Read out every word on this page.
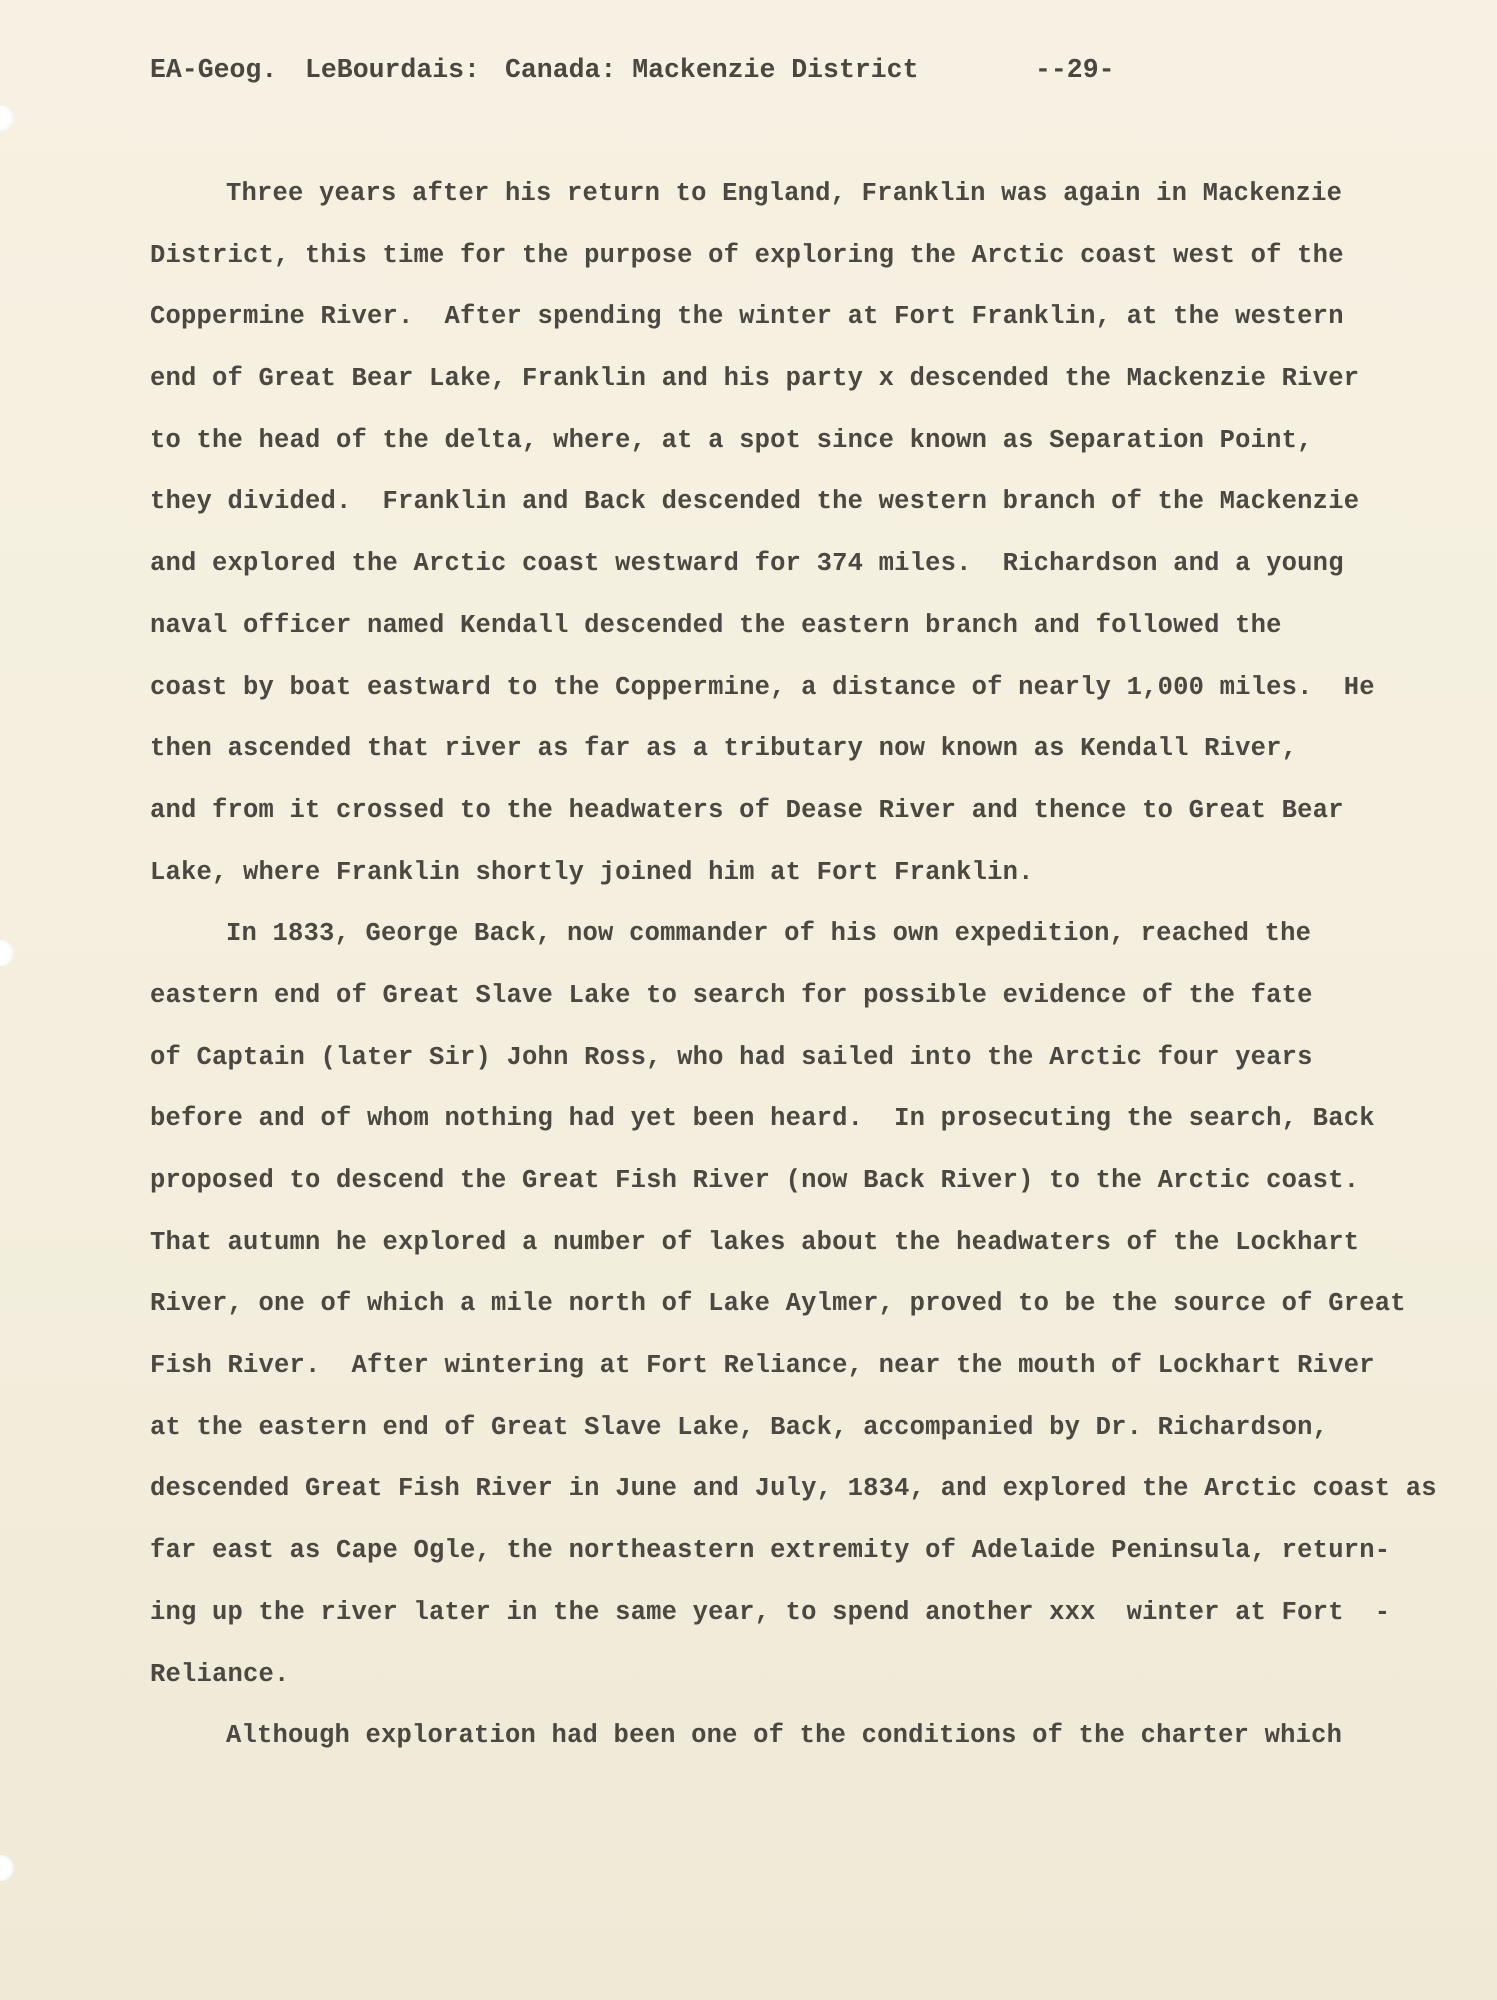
EA-Geog.

LeBourdais:

Canada: Mackenzie District

	--29-

Three years after his return to England, Franklin was again in Mackenzie
District, this time for the purpose of exploring the Arctic coast west of the
Coppermine River.  After spending the winter at Fort Franklin, at the western
end of Great Bear Lake, Franklin and his party x descended the Mackenzie River
to the head of the delta, where, at a spot since known as Separation Point,
they divided.  Franklin and Back descended the western branch of the Mackenzie
and explored the Arctic coast westward for 374 miles.  Richardson and a young
naval officer named Kendall descended the eastern branch and followed the
coast by boat eastward to the Coppermine, a distance of nearly 1,000 miles.  He
then ascended that river as far as a tributary now known as Kendall River,
and from it crossed to the headwaters of Dease River and thence to Great Bear
Lake, where Franklin shortly joined him at Fort Franklin.
In 1833, George Back, now commander of his own expedition, reached the
eastern end of Great Slave Lake to search for possible evidence of the fate
of Captain (later Sir) John Ross, who had sailed into the Arctic four years
before and of whom nothing had yet been heard.  In prosecuting the search, Back
proposed to descend the Great Fish River (now Back River) to the Arctic coast.
That autumn he explored a number of lakes about the headwaters of the Lockhart
River, one of which a mile north of Lake Aylmer, proved to be the source of Great
Fish River.  After wintering at Fort Reliance, near the mouth of Lockhart River
at the eastern end of Great Slave Lake, Back, accompanied by Dr. Richardson,
descended Great Fish River in June and July, 1834, and explored the Arctic coast as
far east as Cape Ogle, the northeastern extremity of Adelaide Peninsula, return-
ing up the river later in the same year, to spend another xxx  winter at Fort  -
Reliance.
Although exploration had been one of the conditions of the charter which
